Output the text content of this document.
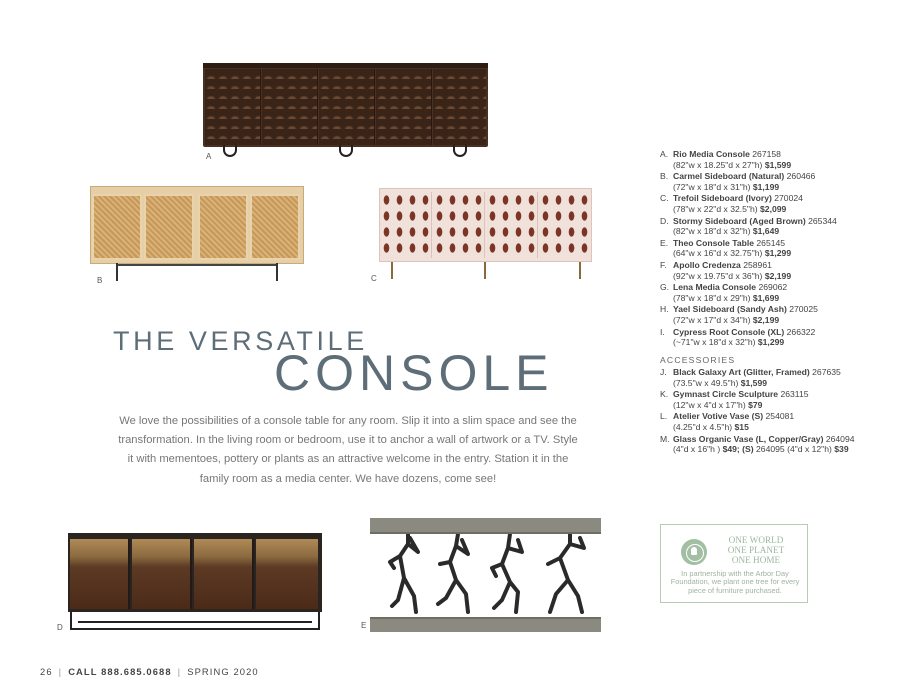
A
B	C
THE VERSATILE
CONSOLE

We love the possibilities of a console table for any room. Slip it into a slim space and see the transformation. In the living room or bedroom, use it to anchor a wall of artwork or a TV. Style it with mementoes, pottery or plants as an attractive welcome in the entry. Station it in the family room as a media center. We have dozens, come see!

A. Rio Media Console 267158
(82"w x 18.25"d x 27"h) $1,599
B. Carmel Sideboard (Natural) 260466
(72"w x 18"d x 31"h) $1,199
C. Trefoil Sideboard (Ivory) 270024
(78"w x 22"d x 32.5"h) $2,099
D. Stormy Sideboard (Aged Brown) 265344
(82"w x 18"d x 32"h) $1,649
E. Theo Console Table 265145
(64"w x 16"d x 32.75"h) $1,299
F. Apollo Credenza 258961
(92"w x 19.75"d x 36"h) $2,199
G. Lena Media Console 269062
(78"w x 18"d x 29"h) $1,699
H. Yael Sideboard (Sandy Ash) 270025
(72"w x 17"d x 34"h) $2,199
I. Cypress Root Console (XL) 266322
(~71"w x 18"d x 32"h) $1,299
ACCESSORIES
J. Black Galaxy Art (Glitter, Framed) 267635
(73.5"w x 49.5"h) $1,599
K. Gymnast Circle Sculpture 263115
(12"w x 4"d x 17"h) $79
L. Atelier Votive Vase (S) 254081
(4.25"d x 4.5"h) $15
M. Glass Organic Vase (L, Copper/Gray) 264094
(4"d x 16"h ) $49; (S) 264095 (4"d x 12"h) $39
D	E
ONE WORLD
ONE PLANET
ONE HOME
In partnership with the Arbor Day Foundation, we plant one tree for every piece of furniture purchased.
26 | CALL 888.685.0688 | SPRING 2020
